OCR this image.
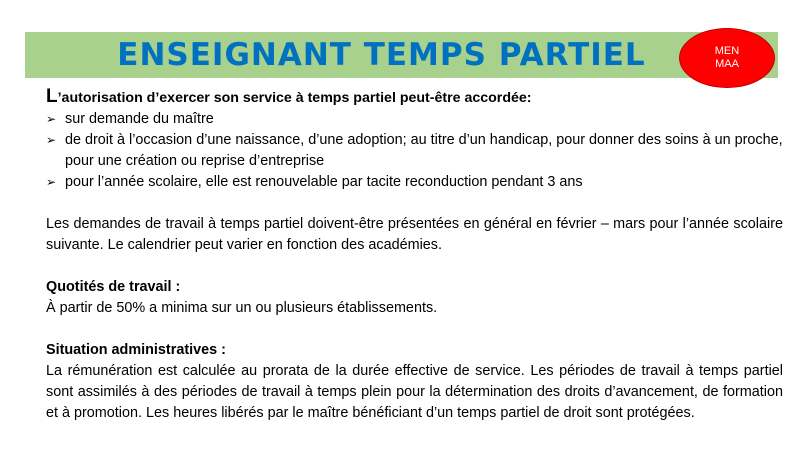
ENSEIGNANT TEMPS PARTIEL	MEN
MAA

L’autorisation d’exercer son service à temps partiel peut-être accordée:

➢ sur demande du maître
➢ de droit à l’occasion d’une naissance, d’une adoption; au titre d’un handicap, pour donner des soins à un proche, pour une création ou reprise d’entreprise
➢ pour l’année scolaire, elle est renouvelable par tacite reconduction pendant 3 ans

Les demandes de travail à temps partiel doivent-être présentées en général en février – mars pour l’année scolaire suivante. Le calendrier peut varier en fonction des académies.

Quotités de travail :

À partir de 50% a minima sur un ou plusieurs établissements.

Situation administratives :

La rémunération est calculée au prorata de la durée effective de service. Les périodes de travail à temps partiel sont assimilés à des périodes de travail à temps plein pour la détermination des droits d’avancement, de formation et à promotion. Les heures libérés par le maître bénéficiant d’un temps partiel de droit sont protégées.
